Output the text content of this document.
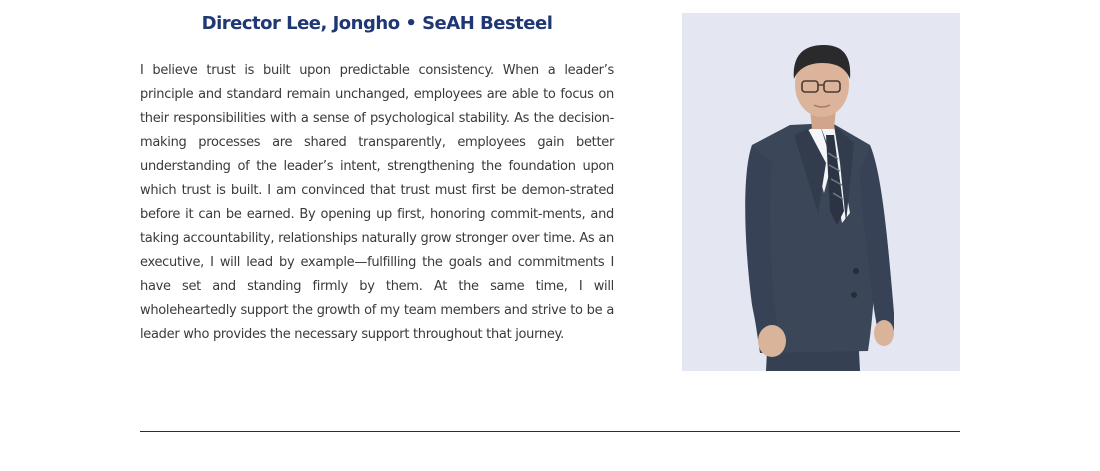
Director Lee, Jongho • SeAH Besteel

I believe trust is built upon predictable consistency. When a leader’s principle and standard remain unchanged, employees are able to focus on their responsibilities with a sense of psychological stability. As the decision-making processes are shared transparently, employees gain better understanding of the leader’s intent, strengthening the foundation upon which trust is built. I am convinced that trust must first be demon-strated before it can be earned. By opening up first, honoring commit-ments, and taking accountability, relationships naturally grow stronger over time. As an executive, I will lead by example—fulfilling the goals and commitments I have set and standing firmly by them. At the same time, I will wholeheartedly support the growth of my team members and strive to be a leader who provides the necessary support throughout that journey.
